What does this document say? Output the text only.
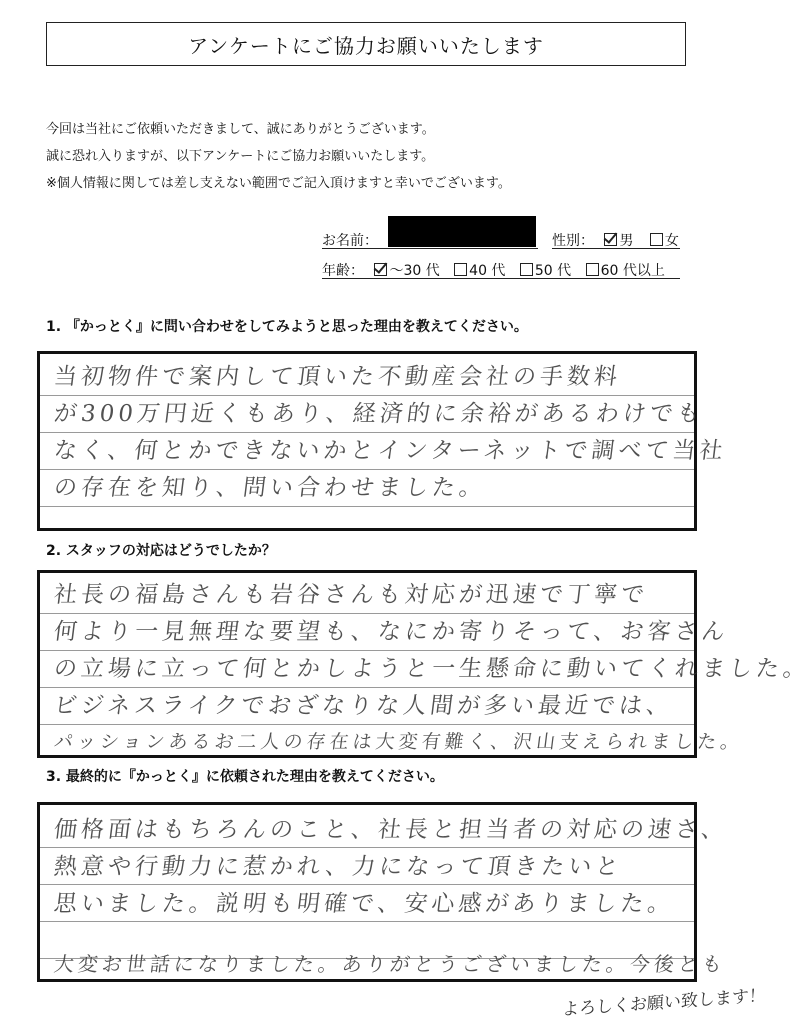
アンケートにご協力お願いいたします
今回は当社にご依頼いただきまして、誠にありがとうございます。
誠に恐れ入りますが、以下アンケートにご協力お願いいたします。
※個人情報に関しては差し支えない範囲でご記入頂けますと幸いでございます。
お名前：	性別： 男 女
年齢： ～30 代 40 代 50 代 60 代以上
1. 『かっとく』に問い合わせをしてみようと思った理由を教えてください。
当初物件で案内して頂いた不動産会社の手数料
が300万円近くもあり、経済的に余裕があるわけでも
なく、何とかできないかとインターネットで調べて当社
の存在を知り、問い合わせました。
2. スタッフの対応はどうでしたか？
社長の福島さんも岩谷さんも対応が迅速で丁寧で
何より一見無理な要望も、なにか寄りそって、お客さん
の立場に立って何とかしようと一生懸命に動いてくれました。
ビジネスライクでおざなりな人間が多い最近では、
パッションあるお二人の存在は大変有難く、沢山支えられました。
3. 最終的に『かっとく』に依頼された理由を教えてください。
価格面はもちろんのこと、社長と担当者の対応の速さ、
熱意や行動力に惹かれ、力になって頂きたいと
思いました。説明も明確で、安心感がありました。
大変お世話になりました。ありがとうございました。今後とも
よろしくお願い致します！
